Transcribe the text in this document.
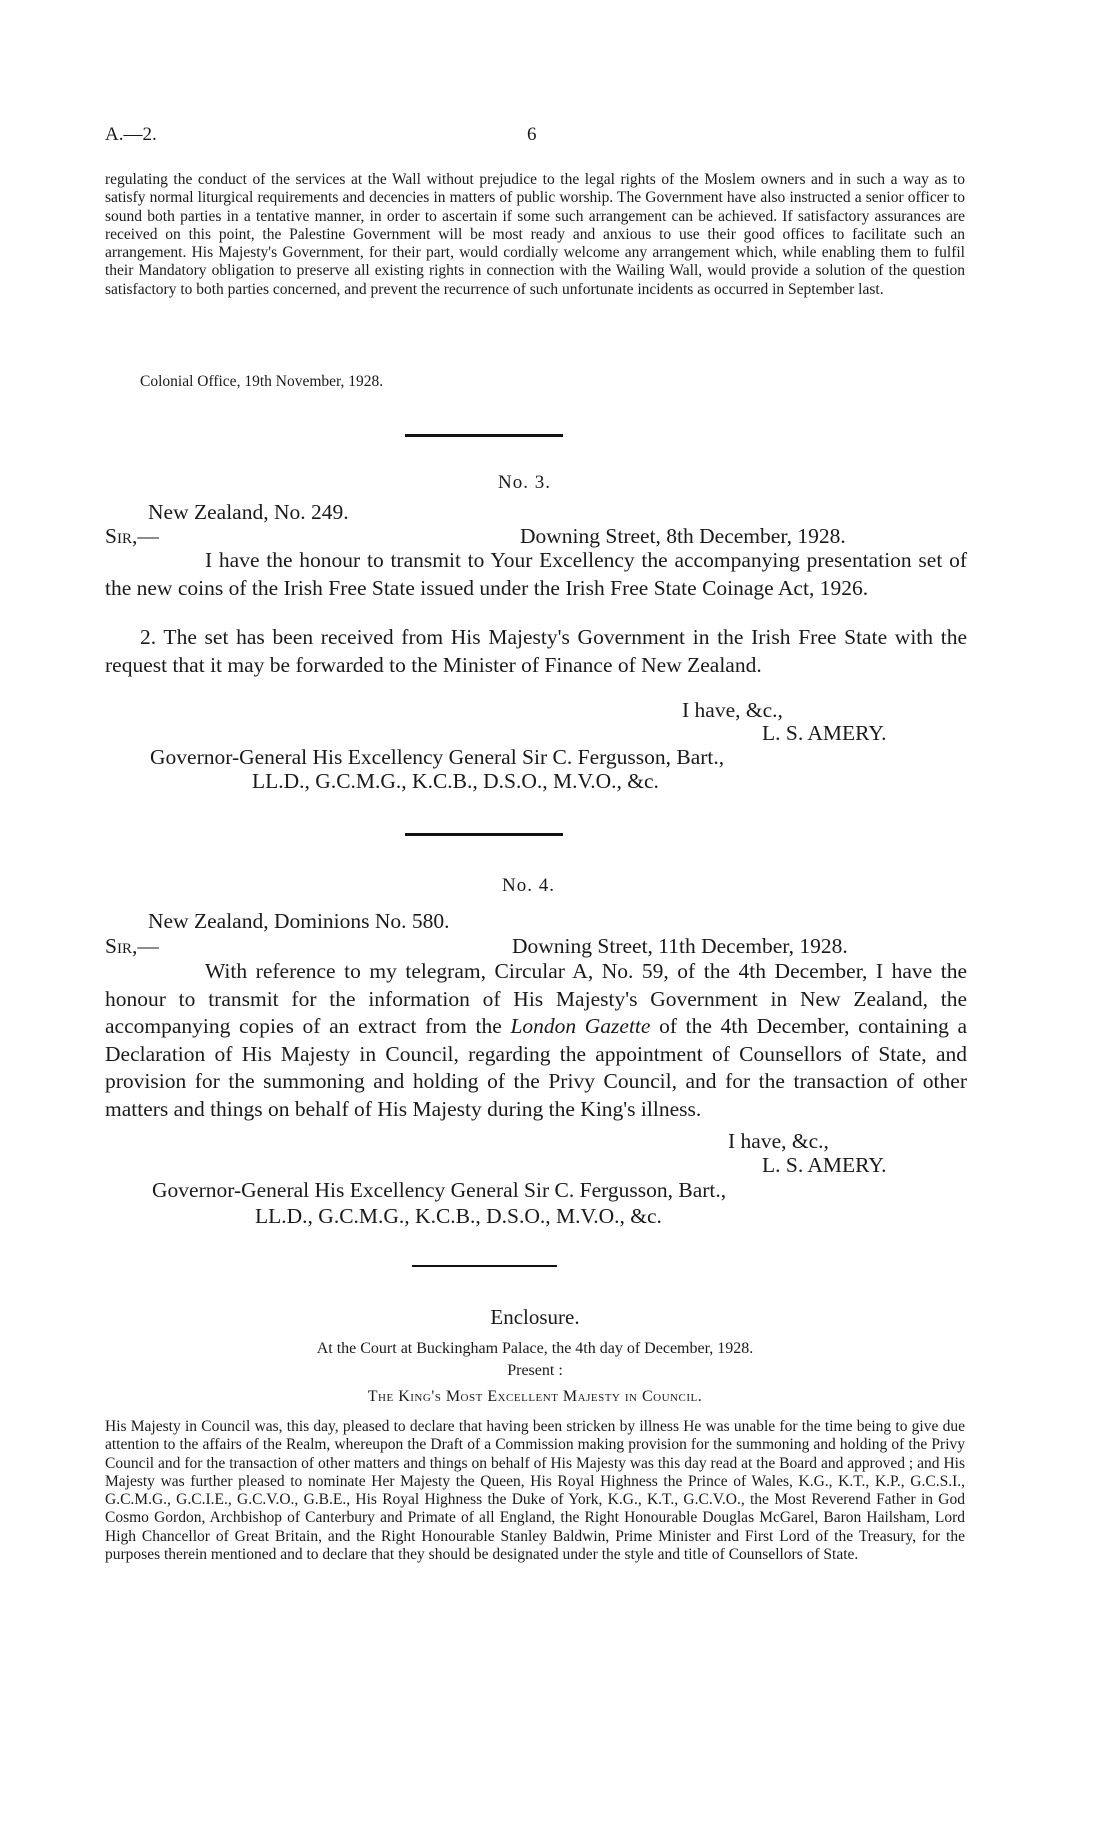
A.—2.	6
regulating the conduct of the services at the Wall without prejudice to the legal rights of the Moslem owners and in such a way as to satisfy normal liturgical requirements and decencies in matters of public worship. The Government have also instructed a senior officer to sound both parties in a tentative manner, in order to ascertain if some such arrangement can be achieved. If satisfactory assurances are received on this point, the Palestine Government will be most ready and anxious to use their good offices to facilitate such an arrangement. His Majesty's Government, for their part, would cordially welcome any arrangement which, while enabling them to fulfil their Mandatory obligation to preserve all existing rights in connection with the Wailing Wall, would provide a solution of the question satisfactory to both parties concerned, and prevent the recurrence of such unfortunate incidents as occurred in September last.
Colonial Office, 19th November, 1928.
No. 3.
New Zealand, No. 249.
Sir,—	Downing Street, 8th December, 1928.
I have the honour to transmit to Your Excellency the accompanying presentation set of the new coins of the Irish Free State issued under the Irish Free State Coinage Act, 1926.
2. The set has been received from His Majesty's Government in the Irish Free State with the request that it may be forwarded to the Minister of Finance of New Zealand.
I have, &c.,
L. S. AMERY.
Governor-General His Excellency General Sir C. Fergusson, Bart.,
LL.D., G.C.M.G., K.C.B., D.S.O., M.V.O., &c.
No. 4.
New Zealand, Dominions No. 580.
Sir,—	Downing Street, 11th December, 1928.
With reference to my telegram, Circular A, No. 59, of the 4th December, I have the honour to transmit for the information of His Majesty's Government in New Zealand, the accompanying copies of an extract from the London Gazette of the 4th December, containing a Declaration of His Majesty in Council, regarding the appointment of Counsellors of State, and provision for the summoning and holding of the Privy Council, and for the transaction of other matters and things on behalf of His Majesty during the King's illness.
I have, &c.,
L. S. AMERY.
Governor-General His Excellency General Sir C. Fergusson, Bart.,
LL.D., G.C.M.G., K.C.B., D.S.O., M.V.O., &c.
Enclosure.
At the Court at Buckingham Palace, the 4th day of December, 1928.
Present :
The King's Most Excellent Majesty in Council.
His Majesty in Council was, this day, pleased to declare that having been stricken by illness He was unable for the time being to give due attention to the affairs of the Realm, whereupon the Draft of a Commission making provision for the summoning and holding of the Privy Council and for the transaction of other matters and things on behalf of His Majesty was this day read at the Board and approved ; and His Majesty was further pleased to nominate Her Majesty the Queen, His Royal Highness the Prince of Wales, K.G., K.T., K.P., G.C.S.I., G.C.M.G., G.C.I.E., G.C.V.O., G.B.E., His Royal Highness the Duke of York, K.G., K.T., G.C.V.O., the Most Reverend Father in God Cosmo Gordon, Archbishop of Canterbury and Primate of all England, the Right Honourable Douglas McGarel, Baron Hailsham, Lord High Chancellor of Great Britain, and the Right Honourable Stanley Baldwin, Prime Minister and First Lord of the Treasury, for the purposes therein mentioned and to declare that they should be designated under the style and title of Counsellors of State.
